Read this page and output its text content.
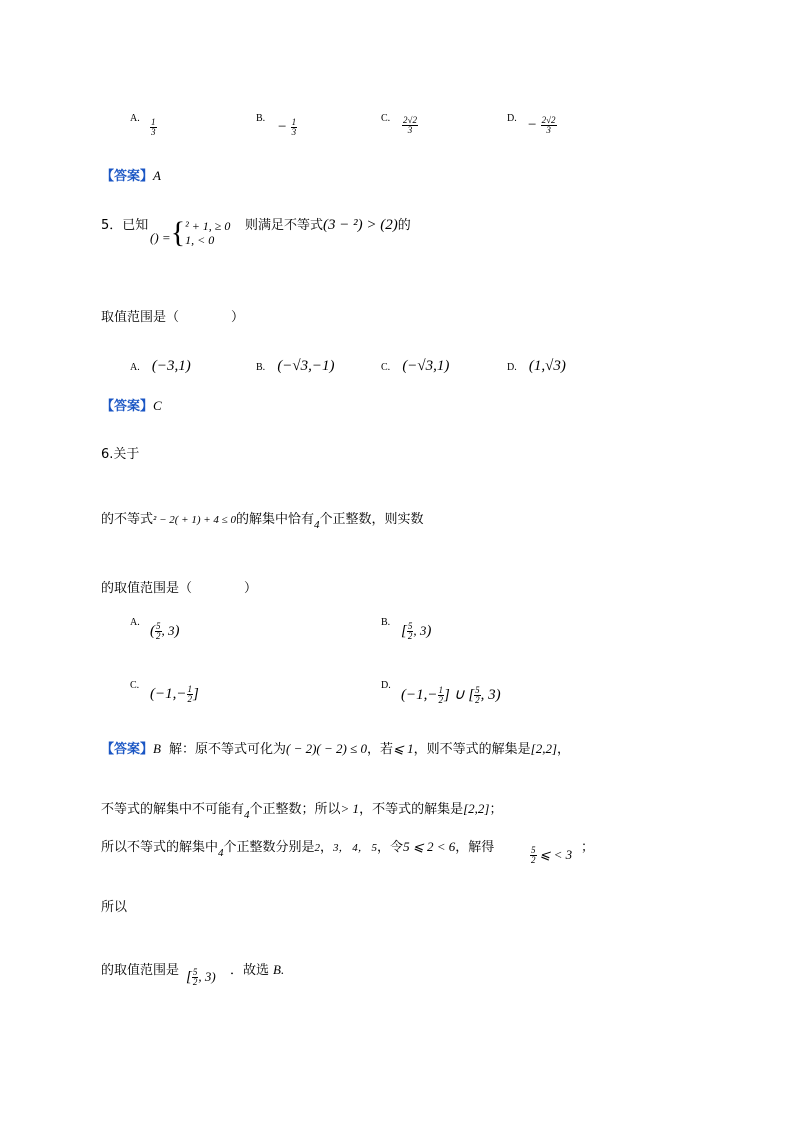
A. $\frac{1}{3}$	B.
− $\frac{1}{3}$	C. $\frac{2√2}{3}$	D. − $\frac{2√2}{3}$
【答案】A
5．已知
() = { ² + 1, ≥ 0
1, < 0
则满足不等式(3 − ²) > (2)的
取值范围是（　　　　）
A. (−3,1)	B. (−√3,−1)	C. (−√3,1)	D. (1,√3)
【答案】C
6.关于
的不等式² − 2( + 1) + 4 ≤ 0的解集中恰有$_4$个正整数，则实数
的取值范围是（　　　　）
A.
( $\frac{5}{2}$ , 3)
B.
[ $\frac{5}{2}$ , 3)
C.
($-1,- \frac{1}{2}$ ]
D.
($-1,- \frac{1}{2}$ ] ∪ [ $\frac{5}{2}$ , 3)
【答案】B 解：原不等式可化为( − 2)( − 2) ≤ 0，若⩽ 1，则不等式的解集是[2,2]，
不等式的解集中不可能有$_4$个正整数；所以> 1，不等式的解集是[2,2]；
所以不等式的解集中$_4$个正整数分别是2，3， 4， 5，令5 ⩽ 2 < 6，解得	$\frac{5}{2}$ ⩽ < 3 ；
所以
的取值范围是 [ $\frac{5}{2}$ , 3) ．故选 B.
